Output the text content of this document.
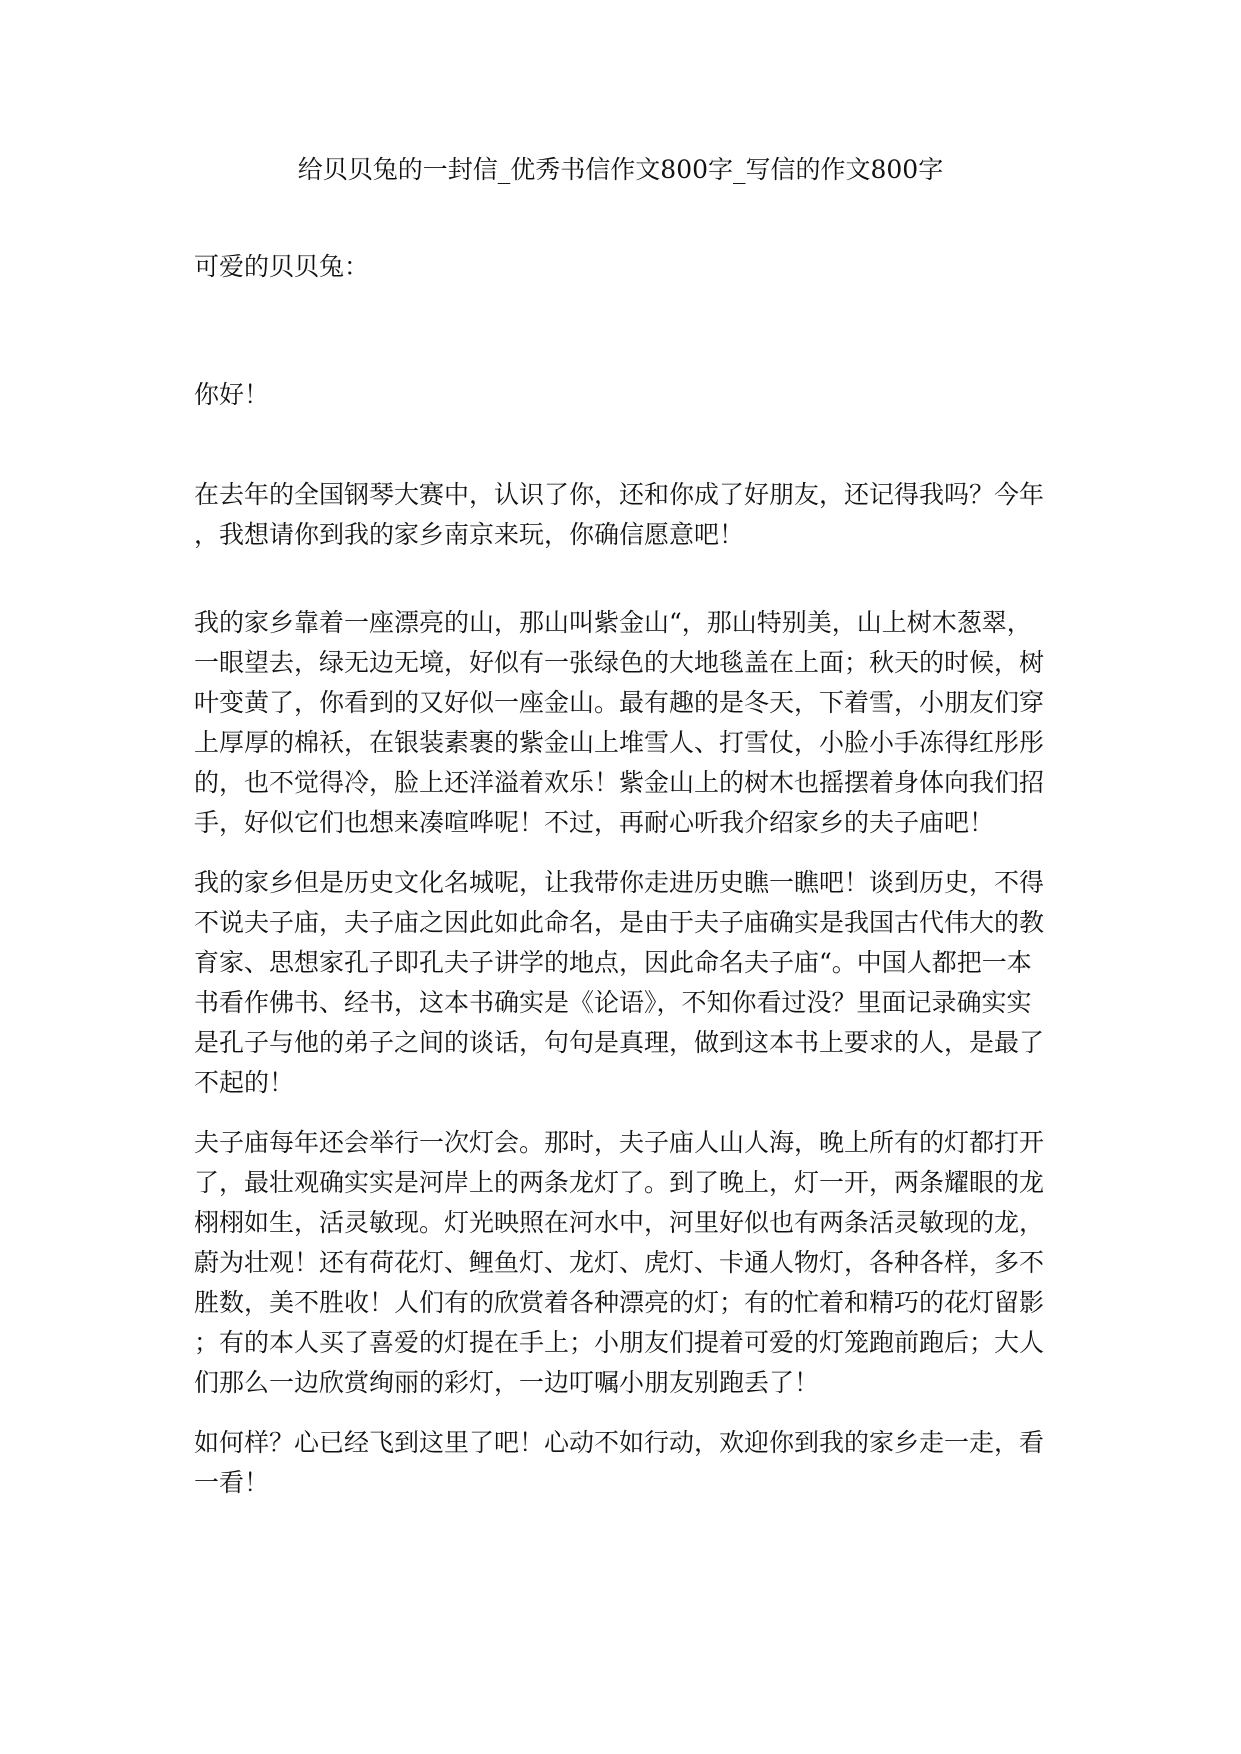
给贝贝兔的一封信_优秀书信作文800字_写信的作文800字

可爱的贝贝兔：

你好！

在去年的全国钢琴大赛中，认识了你，还和你成了好朋友，还记得我吗？今年
，我想请你到我的家乡南京来玩，你确信愿意吧！

我的家乡靠着一座漂亮的山，那山叫紫金山“，那山特别美，山上树木葱翠，
一眼望去，绿无边无境，好似有一张绿色的大地毯盖在上面；秋天的时候，树
叶变黄了，你看到的又好似一座金山。最有趣的是冬天，下着雪，小朋友们穿
上厚厚的棉袄，在银装素裹的紫金山上堆雪人、打雪仗，小脸小手冻得红彤彤
的，也不觉得冷，脸上还洋溢着欢乐！紫金山上的树木也摇摆着身体向我们招
手，好似它们也想来凑喧哗呢！不过，再耐心听我介绍家乡的夫子庙吧！

我的家乡但是历史文化名城呢，让我带你走进历史瞧一瞧吧！谈到历史，不得
不说夫子庙，夫子庙之因此如此命名，是由于夫子庙确实是我国古代伟大的教
育家、思想家孔子即孔夫子讲学的地点，因此命名夫子庙“。中国人都把一本
书看作佛书、经书，这本书确实是《论语》，不知你看过没？里面记录确实实
是孔子与他的弟子之间的谈话，句句是真理，做到这本书上要求的人，是最了
不起的！

夫子庙每年还会举行一次灯会。那时，夫子庙人山人海，晚上所有的灯都打开
了，最壮观确实实是河岸上的两条龙灯了。到了晚上，灯一开，两条耀眼的龙
栩栩如生，活灵敏现。灯光映照在河水中，河里好似也有两条活灵敏现的龙，
蔚为壮观！还有荷花灯、鲤鱼灯、龙灯、虎灯、卡通人物灯，各种各样，多不
胜数，美不胜收！人们有的欣赏着各种漂亮的灯；有的忙着和精巧的花灯留影
；有的本人买了喜爱的灯提在手上；小朋友们提着可爱的灯笼跑前跑后；大人
们那么一边欣赏绚丽的彩灯，一边叮嘱小朋友别跑丢了！

如何样？心已经飞到这里了吧！心动不如行动，欢迎你到我的家乡走一走，看
一看！
